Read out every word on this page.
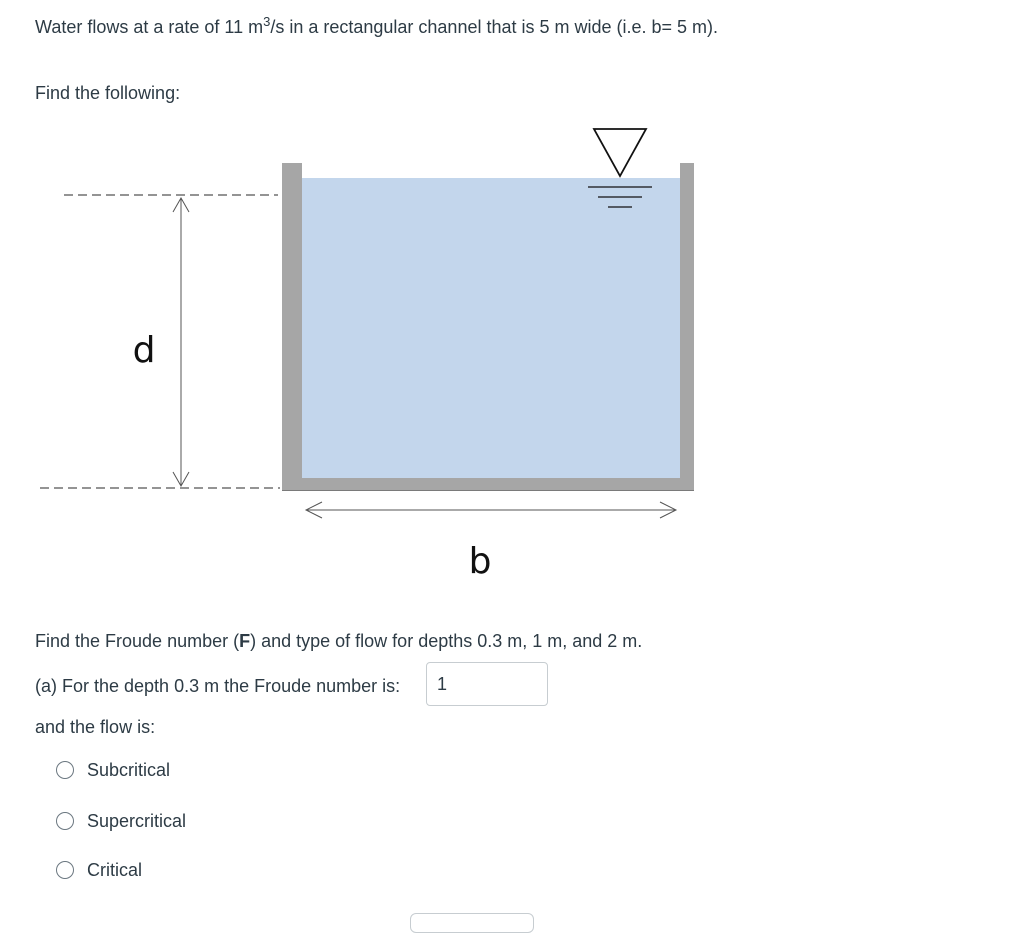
Water flows at a rate of 11 $m^3/s$ in a rectangular channel that is 5 m wide (i.e. b= 5 m).
Find the following:
d
b
Find the Froude number (F) and type of flow for depths 0.3 m, 1 m, and 2 m.
(a) For the depth 0.3 m the Froude number is:
1
and the flow is:
Subcritical
Supercritical
Critical
